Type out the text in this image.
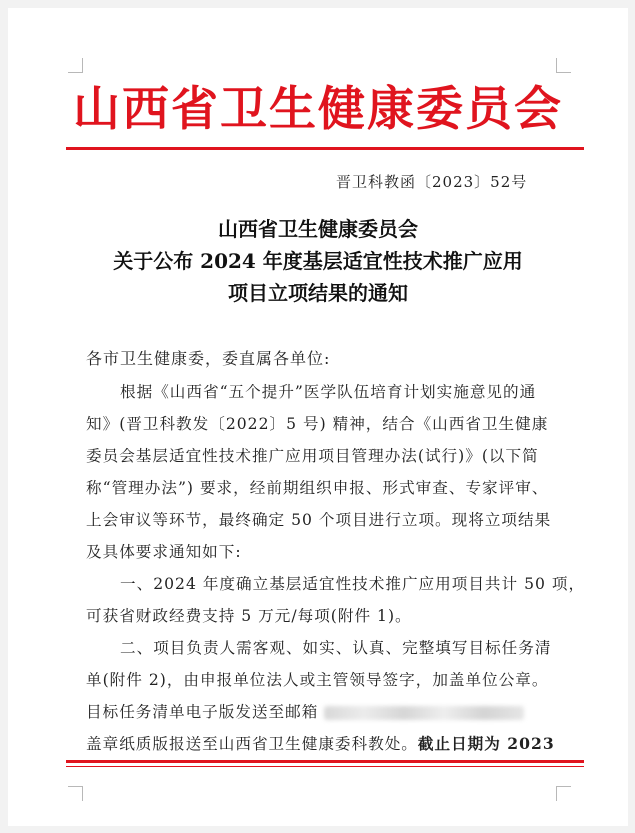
山西省卫生健康委员会
晋卫科教函〔2023〕52号
山西省卫生健康委员会
关于公布 2024 年度基层适宜性技术推广应用
项目立项结果的通知
各市卫生健康委，委直属各单位:
根据《山西省“五个提升”医学队伍培育计划实施意见的通
知》(晋卫科教发〔2022〕5 号) 精神，结合《山西省卫生健康
委员会基层适宜性技术推广应用项目管理办法(试行)》(以下简
称“管理办法”) 要求，经前期组织申报、形式审查、专家评审、
上会审议等环节，最终确定 50 个项目进行立项。现将立项结果
及具体要求通知如下:
一、2024 年度确立基层适宜性技术推广应用项目共计 50 项，
可获省财政经费支持 5 万元/每项(附件 1)。
二、项目负责人需客观、如实、认真、完整填写目标任务清
单(附件 2)，由申报单位法人或主管领导签字，加盖单位公章。
目标任务清单电子版发送至邮箱
盖章纸质版报送至山西省卫生健康委科教处。截止日期为 2023
